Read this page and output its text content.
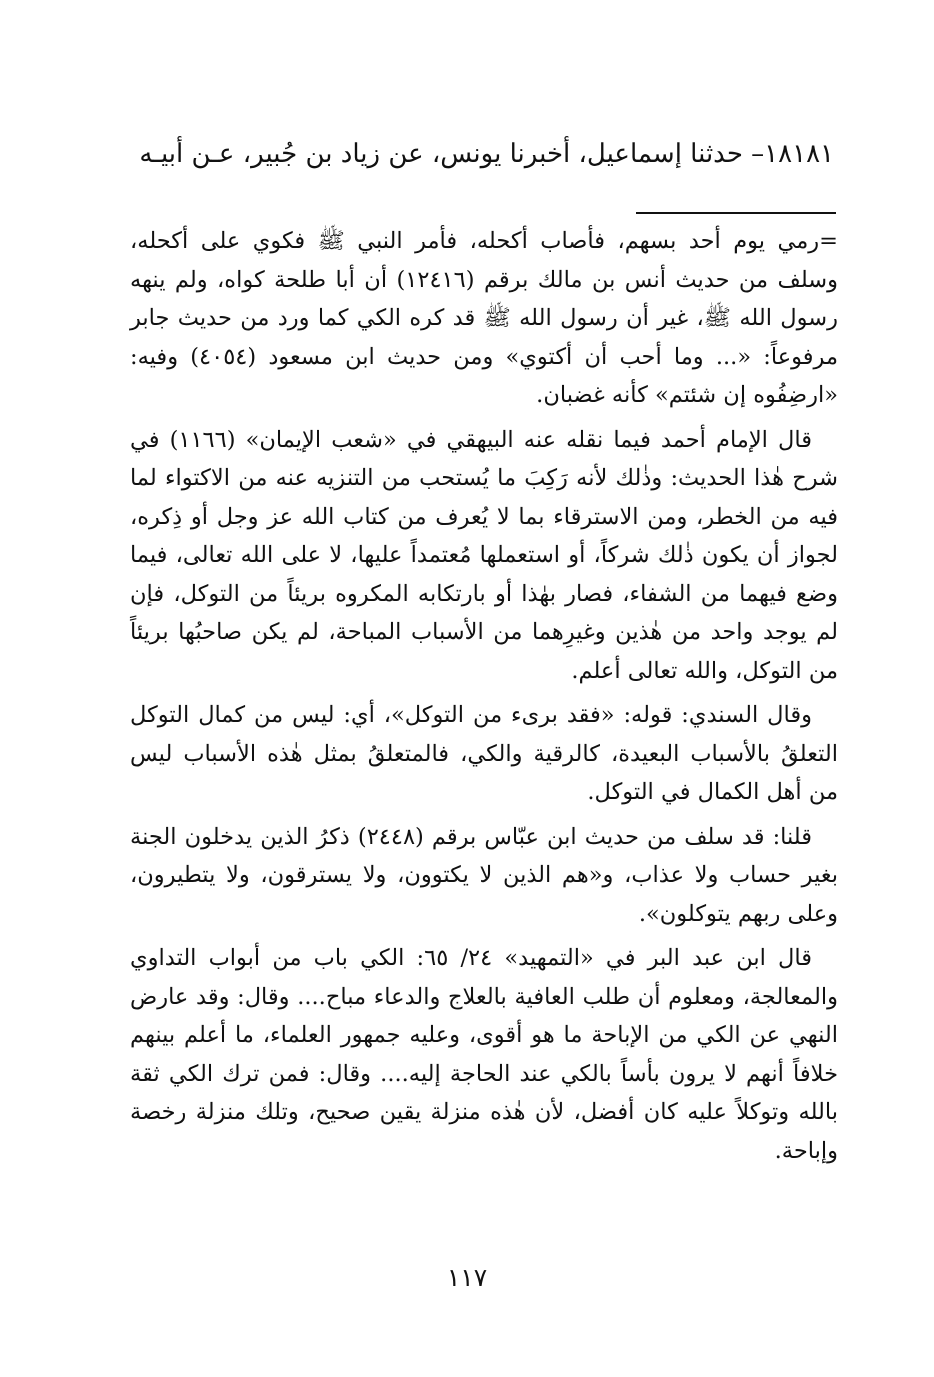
١٨١٨١– حدثنا إسماعيل، أخبرنا يونس، عن زياد بن جُبير، عـن أبيـه

=رمي يوم أحد بسهم، فأصاب أكحله، فأمر النبي ﷺ فكوي على أكحله، وسلف من حديث أنس بن مالك برقم (١٢٤١٦) أن أبا طلحة كواه، ولم ينهه رسول الله ﷺ، غير أن رسول الله ﷺ قد كره الكي كما ورد من حديث جابر مرفوعاً: «... وما أحب أن أكتوي» ومن حديث ابن مسعود (٤٠٥٤) وفيه: «ارضِفُوه إن شئتم» كأنه غضبان.

قال الإمام أحمد فيما نقله عنه البيهقي في «شعب الإيمان» (١١٦٦) في شرح هٰذا الحديث: وذٰلك لأنه رَكِبَ ما يُستحب من التنزيه عنه من الاكتواء لما فيه من الخطر، ومن الاسترقاء بما لا يُعرف من كتاب الله عز وجل أو ذِكره، لجواز أن يكون ذٰلك شركاً، أو استعملها مُعتمداً عليها، لا على الله تعالى، فيما وضع فيهما من الشفاء، فصار بهٰذا أو بارتكابه المكروه بريئاً من التوكل، فإن لم يوجد واحد من هٰذين وغيرِهما من الأسباب المباحة، لم يكن صاحبُها بريئاً من التوكل، والله تعالى أعلم.

وقال السندي: قوله: «فقد برىء من التوكل»، أي: ليس من كمال التوكل التعلقُ بالأسباب البعيدة، كالرقية والكي، فالمتعلقُ بمثل هٰذه الأسباب ليس من أهل الكمال في التوكل.

قلنا: قد سلف من حديث ابن عبّاس برقم (٢٤٤٨) ذكرُ الذين يدخلون الجنة بغير حساب ولا عذاب، و«هم الذين لا يكتوون، ولا يسترقون، ولا يتطيرون، وعلى ربهم يتوكلون».

قال ابن عبد البر في «التمهيد» ٢٤/ ٦٥: الكي باب من أبواب التداوي والمعالجة، ومعلوم أن طلب العافية بالعلاج والدعاء مباح.... وقال: وقد عارض النهي عن الكي من الإباحة ما هو أقوى، وعليه جمهور العلماء، ما أعلم بينهم خلافاً أنهم لا يرون بأساً بالكي عند الحاجة إليه.... وقال: فمن ترك الكي ثقة بالله وتوكلاً عليه كان أفضل، لأن هٰذه منزلة يقين صحيح، وتلك منزلة رخصة وإباحة.

١١٧
